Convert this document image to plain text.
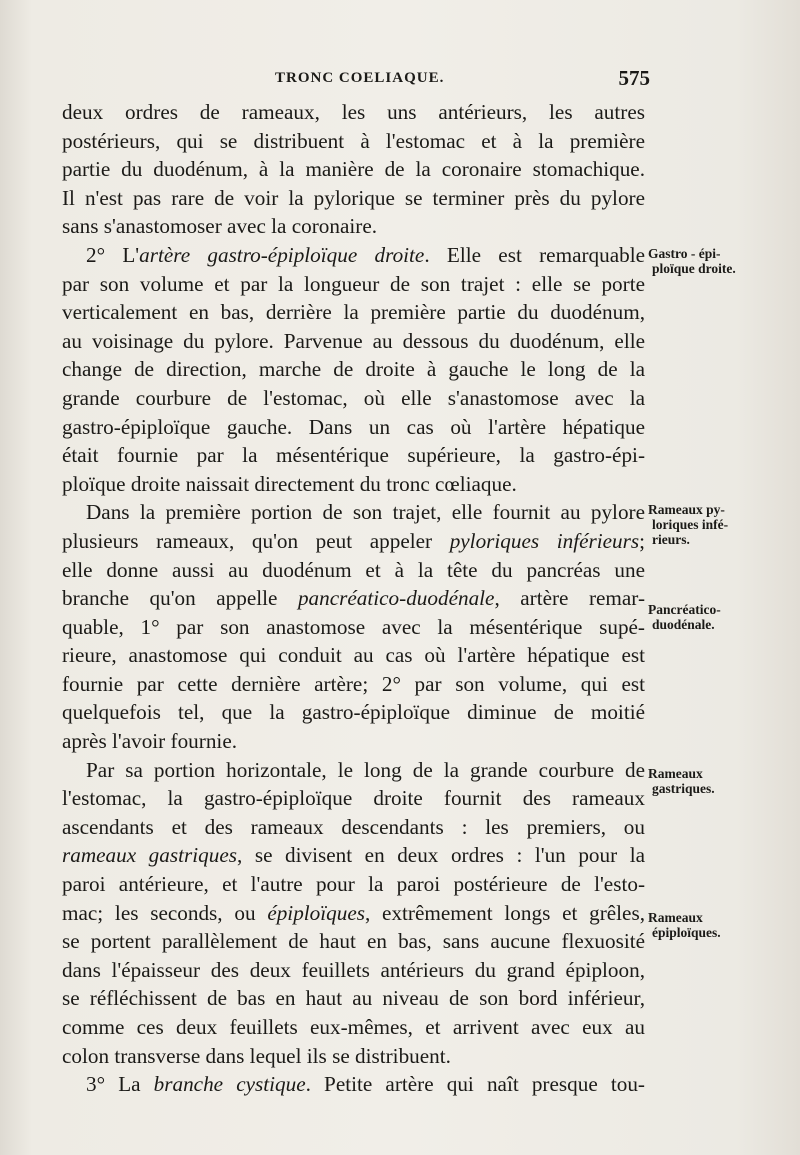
TRONC COELIAQUE.	575
deux ordres de rameaux, les uns antérieurs, les autres
postérieurs, qui se distribuent à l'estomac et à la première
partie du duodénum, à la manière de la coronaire stomachique.
Il n'est pas rare de voir la pylorique se terminer près du pylore
sans s'anastomoser avec la coronaire.
2° L'artère gastro-épiploïque droite. Elle est remarquable
par son volume et par la longueur de son trajet : elle se porte
verticalement en bas, derrière la première partie du duodénum,
au voisinage du pylore. Parvenue au dessous du duodénum, elle
change de direction, marche de droite à gauche le long de la
grande courbure de l'estomac, où elle s'anastomose avec la
gastro-épiploïque gauche. Dans un cas où l'artère hépatique
était fournie par la mésentérique supérieure, la gastro-épi-
ploïque droite naissait directement du tronc cœliaque.
Dans la première portion de son trajet, elle fournit au pylore
plusieurs rameaux, qu'on peut appeler pyloriques inférieurs;
elle donne aussi au duodénum et à la tête du pancréas une
branche qu'on appelle pancréatico-duodénale, artère remar-
quable, 1° par son anastomose avec la mésentérique supé-
rieure, anastomose qui conduit au cas où l'artère hépatique est
fournie par cette dernière artère; 2° par son volume, qui est
quelquefois tel, que la gastro-épiploïque diminue de moitié
après l'avoir fournie.
Par sa portion horizontale, le long de la grande courbure de
l'estomac, la gastro-épiploïque droite fournit des rameaux
ascendants et des rameaux descendants : les premiers, ou
rameaux gastriques, se divisent en deux ordres : l'un pour la
paroi antérieure, et l'autre pour la paroi postérieure de l'esto-
mac; les seconds, ou épiploïques, extrêmement longs et grêles,
se portent parallèlement de haut en bas, sans aucune flexuosité
dans l'épaisseur des deux feuillets antérieurs du grand épiploon,
se réfléchissent de bas en haut au niveau de son bord inférieur,
comme ces deux feuillets eux-mêmes, et arrivent avec eux au
colon transverse dans lequel ils se distribuent.
3° La branche cystique. Petite artère qui naît presque tou-
Gastro - épi-
ploïque droite.
Rameaux py-
loriques infé-
rieurs.
Pancréatico-
duodénale.
Rameaux
gastriques.
Rameaux
épiploïques.
